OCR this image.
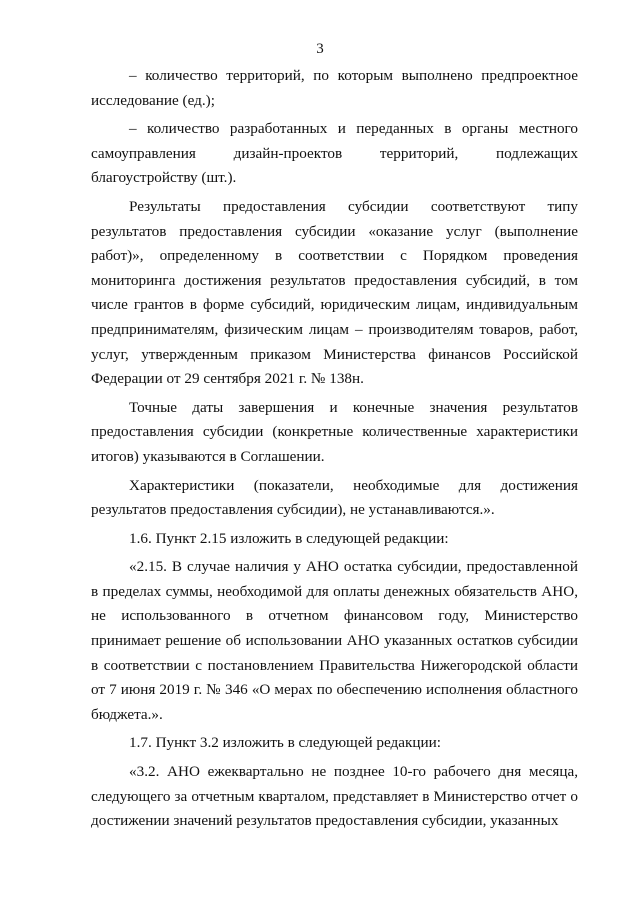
3

– количество территорий, по которым выполнено предпроектное исследование (ед.);

– количество разработанных и переданных в органы местного самоуправления дизайн-проектов территорий, подлежащих благоустройству (шт.).

Результаты предоставления субсидии соответствуют типу результатов предоставления субсидии «оказание услуг (выполнение работ)», определенному в соответствии с Порядком проведения мониторинга достижения результатов предоставления субсидий, в том числе грантов в форме субсидий, юридическим лицам, индивидуальным предпринимателям, физическим лицам – производителям товаров, работ, услуг, утвержденным приказом Министерства финансов Российской Федерации от 29 сентября 2021 г. № 138н.

Точные даты завершения и конечные значения результатов предоставления субсидии (конкретные количественные характеристики итогов) указываются в Соглашении.

Характеристики (показатели, необходимые для достижения результатов предоставления субсидии), не устанавливаются.».

1.6. Пункт 2.15 изложить в следующей редакции:

«2.15. В случае наличия у АНО остатка субсидии, предоставленной в пределах суммы, необходимой для оплаты денежных обязательств АНО, не использованного в отчетном финансовом году, Министерство принимает решение об использовании АНО указанных остатков субсидии в соответствии с постановлением Правительства Нижегородской области от 7 июня 2019 г. № 346 «О мерах по обеспечению исполнения областного бюджета.».

1.7. Пункт 3.2 изложить в следующей редакции:

«3.2. АНО ежеквартально не позднее 10-го рабочего дня месяца, следующего за отчетным кварталом, представляет в Министерство отчет о достижении значений результатов предоставления субсидии, указанных
